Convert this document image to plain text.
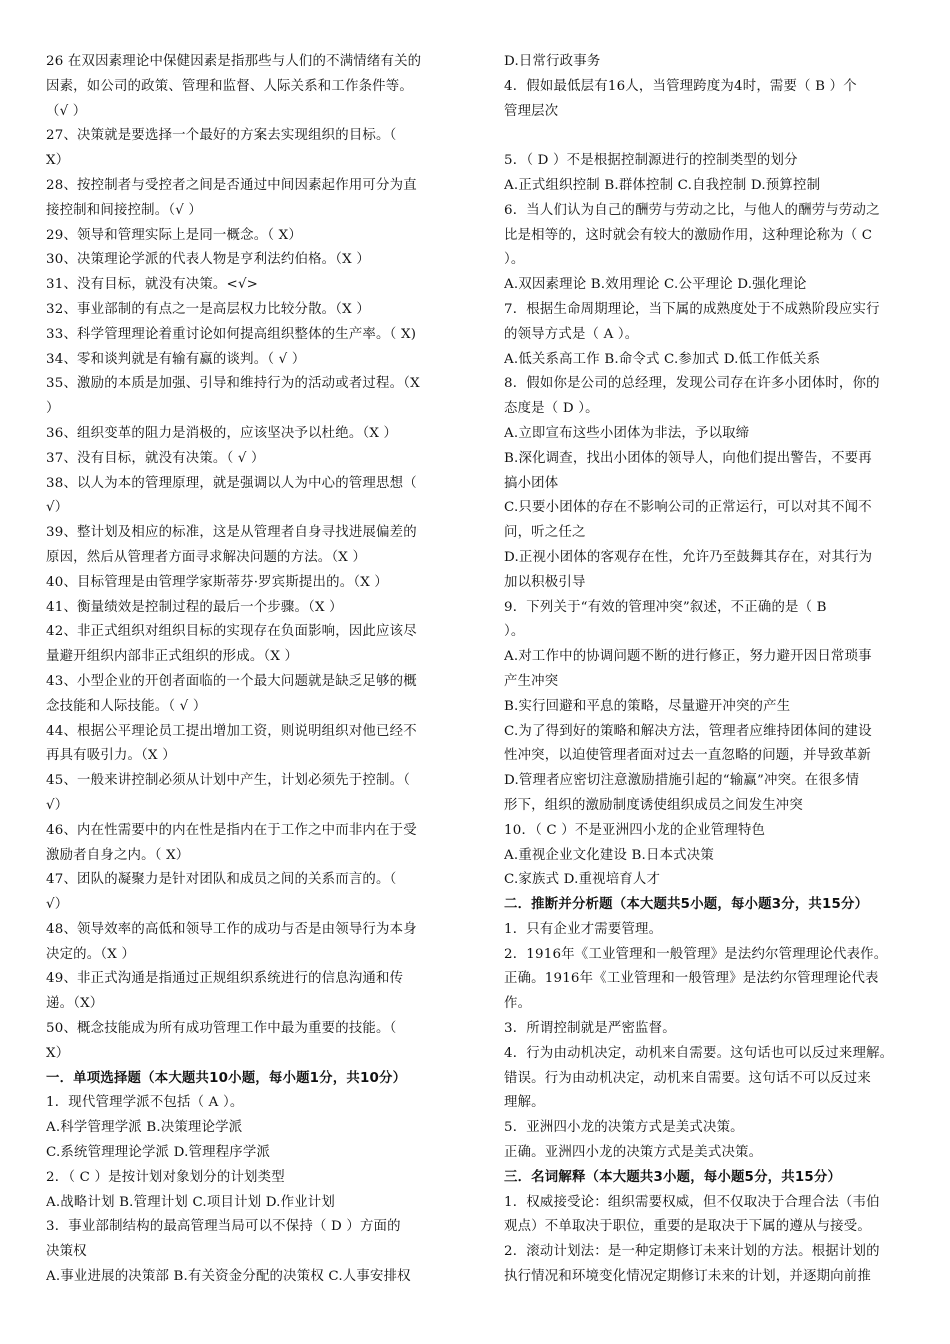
26 在双因素理论中保健因素是指那些与人们的不满情绪有关的
因素，如公司的政策、管理和监督、人际关系和工作条件等。
（√ ）
27、决策就是要选择一个最好的方案去实现组织的目标。（
X）
28、按控制者与受控者之间是否通过中间因素起作用可分为直
接控制和间接控制。（√ ）
29、领导和管理实际上是同一概念。（ X）
30、决策理论学派的代表人物是亨利法约伯格。（X ）
31、没有目标，就没有决策。<√>
32、事业部制的有点之一是高层权力比较分散。（X ）
33、科学管理理论着重讨论如何提高组织整体的生产率。（ X)
34、零和谈判就是有输有赢的谈判。（ √ ）
35、激励的本质是加强、引导和维持行为的活动或者过程。（X
）
36、组织变革的阻力是消极的，应该坚决予以杜绝。（X ）
37、没有目标，就没有决策。（ √ ）
38、以人为本的管理原理，就是强调以人为中心的管理思想（
√）
39、整计划及相应的标准，这是从管理者自身寻找进展偏差的
原因，然后从管理者方面寻求解决问题的方法。（X ）
40、目标管理是由管理学家斯蒂芬·罗宾斯提出的。（X ）
41、衡量绩效是控制过程的最后一个步骤。（X ）
42、非正式组织对组织目标的实现存在负面影响，因此应该尽
量避开组织内部非正式组织的形成。（X ）
43、小型企业的开创者面临的一个最大问题就是缺乏足够的概
念技能和人际技能。（ √ ）
44、根据公平理论员工提出增加工资，则说明组织对他已经不
再具有吸引力。（X ）
45、一般来讲控制必须从计划中产生，计划必须先于控制。（
√）
46、内在性需要中的内在性是指内在于工作之中而非内在于受
激励者自身之内。（ X）
47、团队的凝聚力是针对团队和成员之间的关系而言的。（
√）
48、领导效率的高低和领导工作的成功与否是由领导行为本身
决定的。（X ）
49、非正式沟通是指通过正规组织系统进行的信息沟通和传
递。（X）
50、概念技能成为所有成功管理工作中最为重要的技能。（
X）
一．单项选择题（本大题共10小题，每小题1分，共10分）
1．现代管理学派不包括（ A ）。
A.科学管理学派 B.决策理论学派
C.系统管理理论学派 D.管理程序学派
2．（ C ）是按计划对象划分的计划类型
A.战略计划 B.管理计划 C.项目计划 D.作业计划
3．事业部制结构的最高管理当局可以不保持（ D ）方面的
决策权
A.事业进展的决策部 B.有关资金分配的决策权 C.人事安排权
D.日常行政事务
4．假如最低层有16人，当管理跨度为4时，需要（ B ）个
管理层次
5．（ D ）不是根据控制源进行的控制类型的划分
A.正式组织控制 B.群体控制 C.自我控制 D.预算控制
6．当人们认为自己的酬劳与劳动之比，与他人的酬劳与劳动之
比是相等的，这时就会有较大的激励作用，这种理论称为（ C
）。
A.双因素理论 B.效用理论 C.公平理论 D.强化理论
7．根据生命周期理论，当下属的成熟度处于不成熟阶段应实行
的领导方式是（ A ）。
A.低关系高工作 B.命令式 C.参加式 D.低工作低关系
8．假如你是公司的总经理，发现公司存在许多小团体时，你的
态度是（ D ）。
A.立即宣布这些小团体为非法，予以取缔
B.深化调查，找出小团体的领导人，向他们提出警告，不要再
搞小团体
C.只要小团体的存在不影响公司的正常运行，可以对其不闻不
问，听之任之
D.正视小团体的客观存在性，允许乃至鼓舞其存在，对其行为
加以积极引导
9．下列关于“有效的管理冲突”叙述，不正确的是（ B
）。
A.对工作中的协调问题不断的进行修正，努力避开因日常琐事
产生冲突
B.实行回避和平息的策略，尽量避开冲突的产生
C.为了得到好的策略和解决方法，管理者应维持团体间的建设
性冲突，以迫使管理者面对过去一直忽略的问题，并导致革新
D.管理者应密切注意激励措施引起的“输赢”冲突。在很多情
形下，组织的激励制度诱使组织成员之间发生冲突
10．（ C ）不是亚洲四小龙的企业管理特色
A.重视企业文化建设 B.日本式决策
C.家族式 D.重视培育人才
二．推断并分析题（本大题共5小题，每小题3分，共15分）
1．只有企业才需要管理。
2．1916年《工业管理和一般管理》是法约尔管理理论代表作。
正确。1916年《工业管理和一般管理》是法约尔管理理论代表
作。
3．所谓控制就是严密监督。
4．行为由动机决定，动机来自需要。这句话也可以反过来理解。
错误。行为由动机决定，动机来自需要。这句话不可以反过来
理解。
5．亚洲四小龙的决策方式是美式决策。
正确。亚洲四小龙的决策方式是美式决策。
三．名词解释（本大题共3小题，每小题5分，共15分）
1．权威接受论：组织需要权威，但不仅取决于合理合法（韦伯
观点）不单取决于职位，重要的是取决于下属的遵从与接受。
2．滚动计划法：是一种定期修订未来计划的方法。根据计划的
执行情况和环境变化情况定期修订未来的计划，并逐期向前推
